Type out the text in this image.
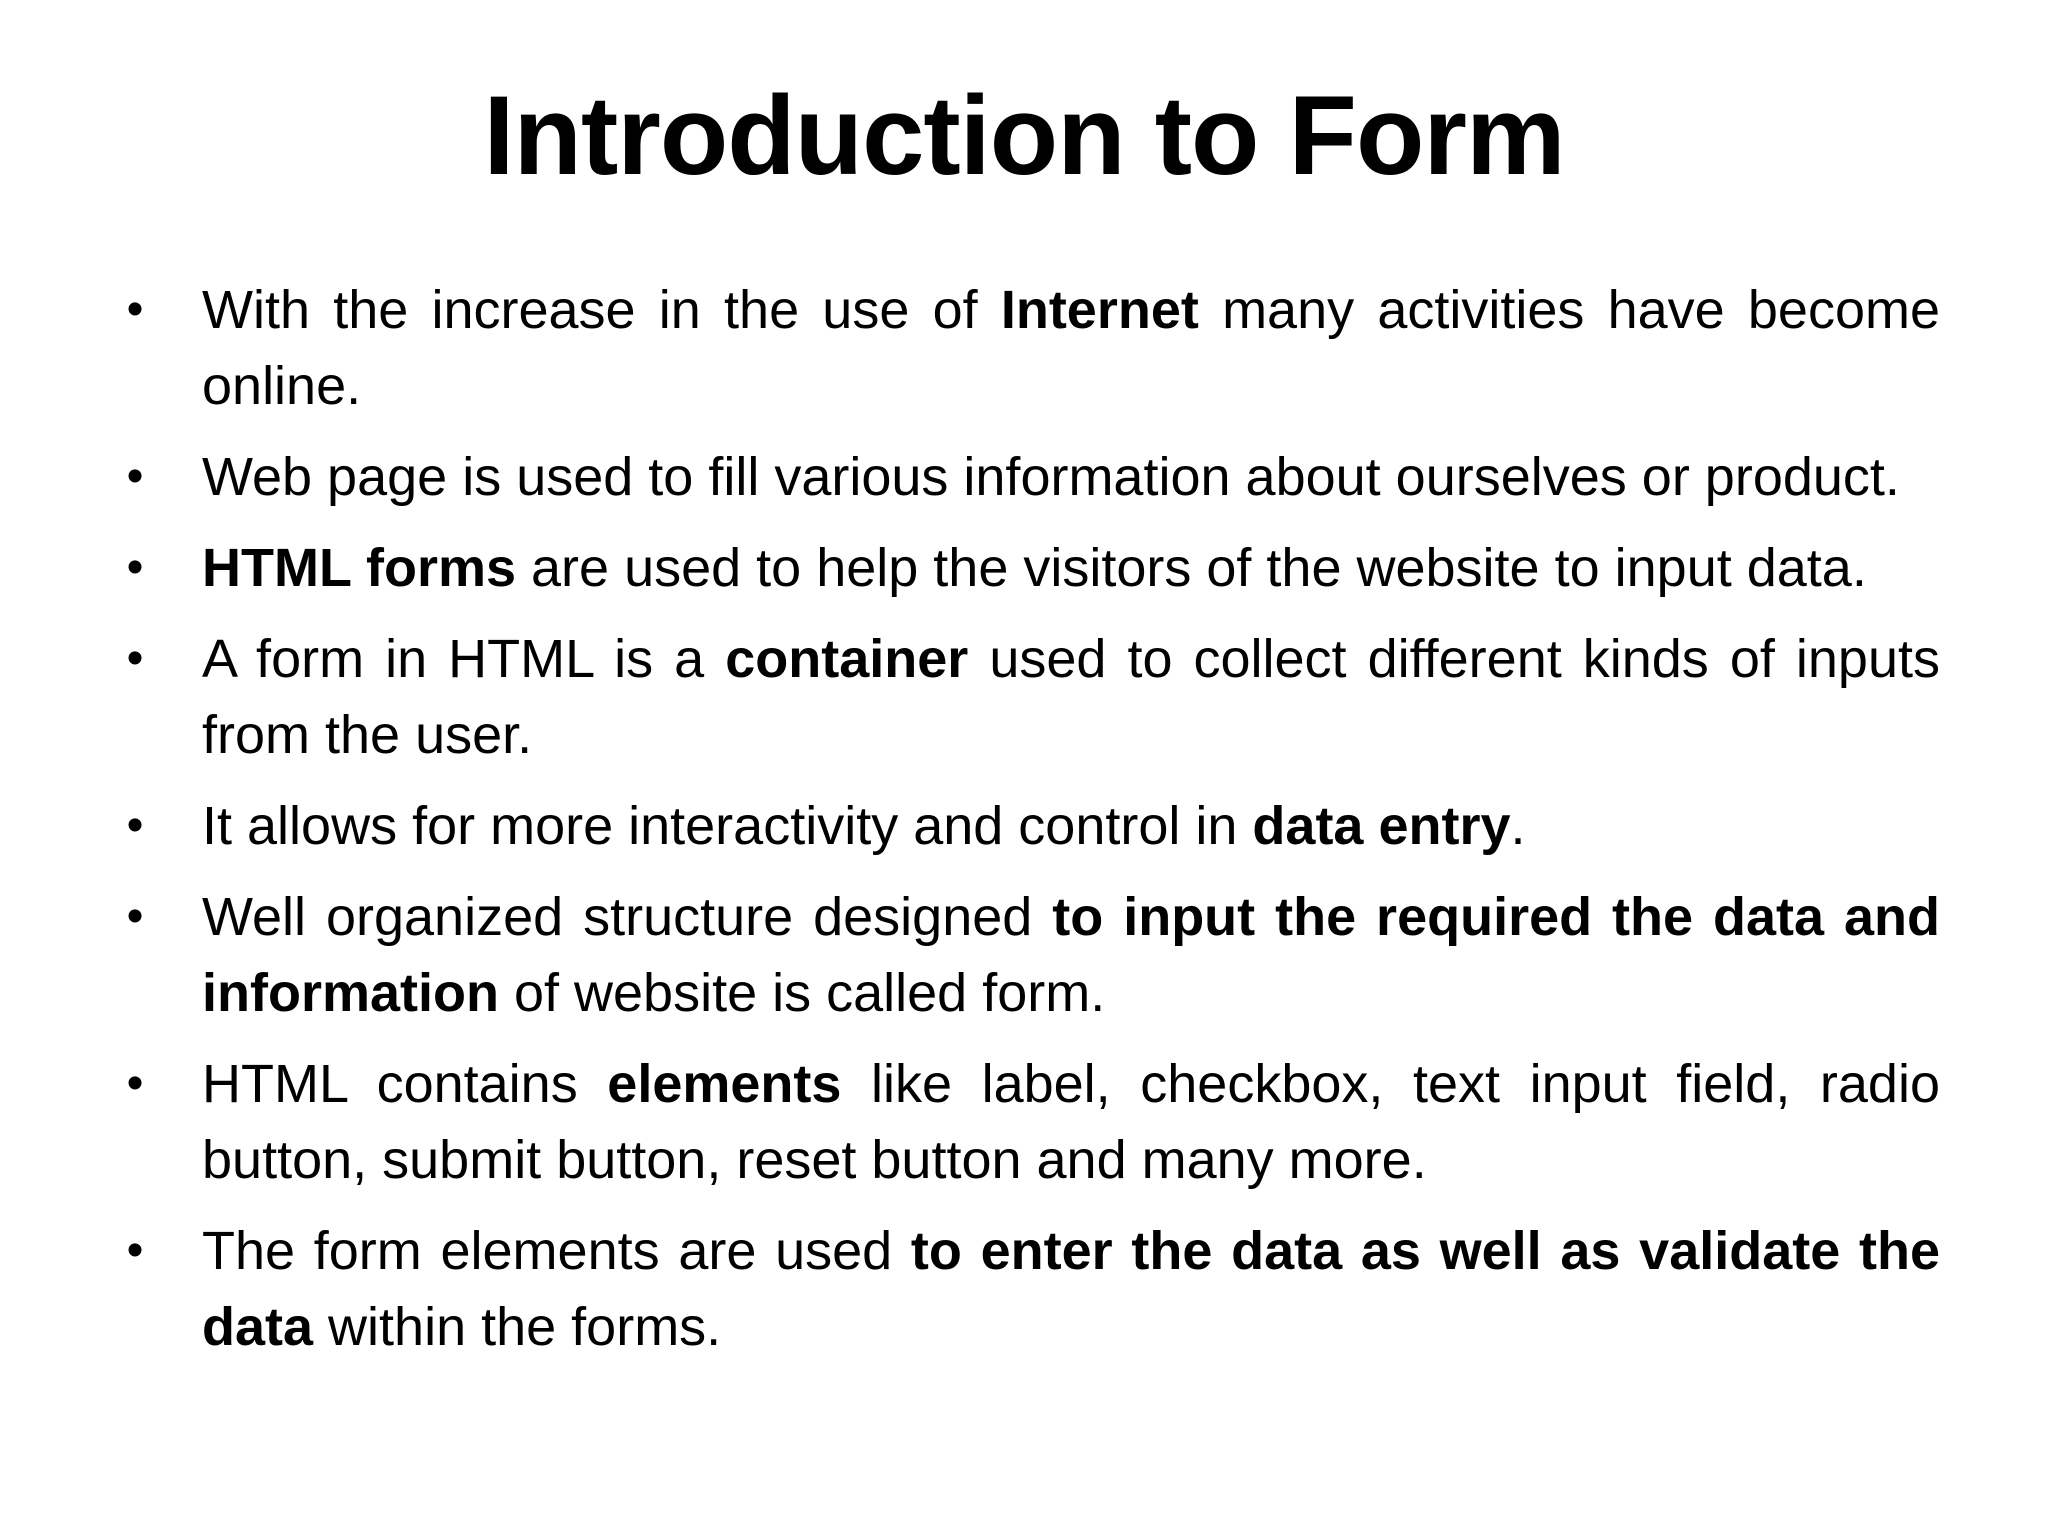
Introduction to Form
• With the increase in the use of Internet many activities have become online.
• Web page is used to fill various information about ourselves or product.
• HTML forms are used to help the visitors of the website to input data.
• A form in HTML is a container used to collect different kinds of inputs from the user.
• It allows for more interactivity and control in data entry.
• Well organized structure designed to input the required the data and information of website is called form.
• HTML contains elements like label, checkbox, text input field, radio button, submit button, reset button and many more.
• The form elements are used to enter the data as well as validate the data within the forms.
